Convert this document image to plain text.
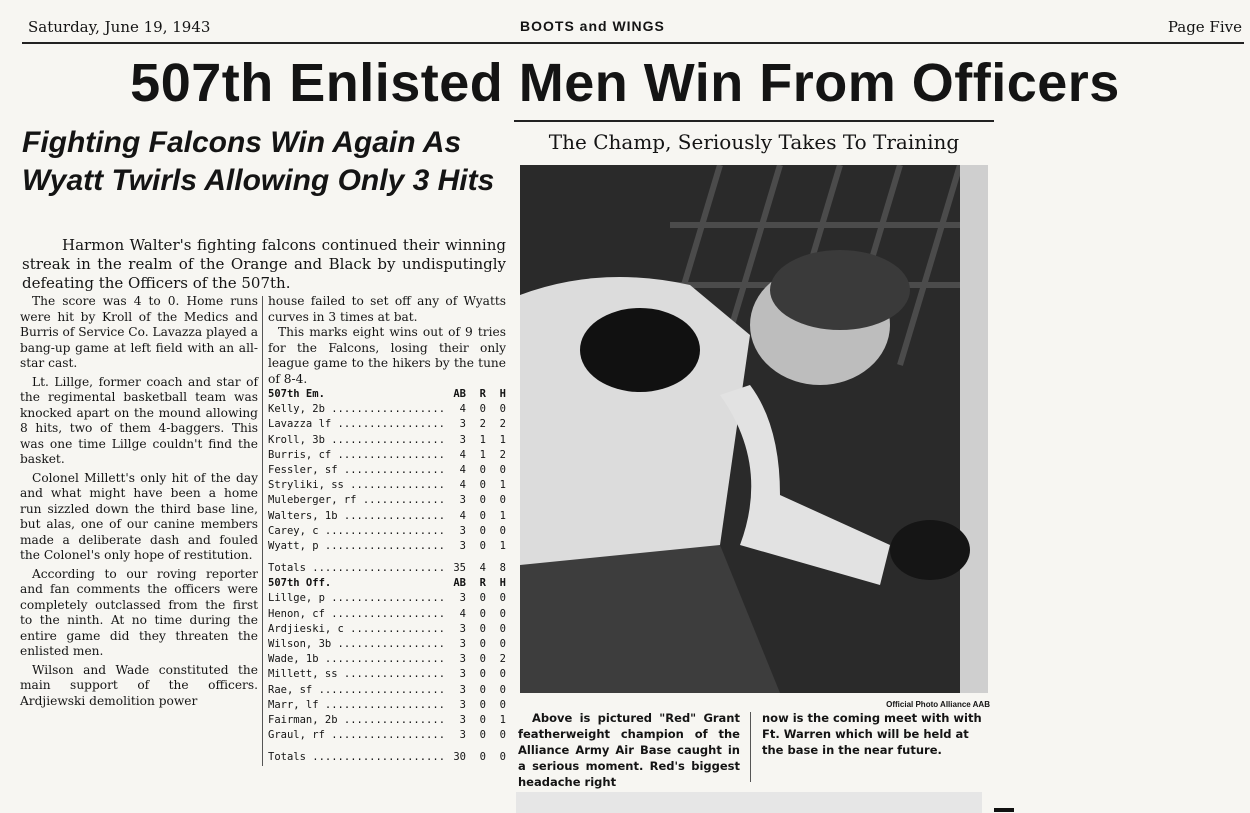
Saturday, June 19, 1943	BOOTS and WINGS	Page Five
507th Enlisted Men Win From Officers
Fighting Falcons Win Again As Wyatt Twirls Allowing Only 3 Hits
Harmon Walter's fighting falcons continued their winning streak in the realm of the Orange and Black by undisputingly defeating the Officers of the 507th.

The score was 4 to 0. Home runs were hit by Kroll of the Medics and Burris of Service Co. Lavazza played a bang-up game at left field with an all-star cast.

Lt. Lillge, former coach and star of the regimental basketball team was knocked apart on the mound allowing 8 hits, two of them 4-baggers. This was one time Lillge couldn't find the basket.

Colonel Millett's only hit of the day and what might have been a home run sizzled down the third base line, but alas, one of our canine members made a deliberate dash and fouled the Colonel's only hope of restitution.

According to our roving reporter and fan comments the officers were completely outclassed from the first to the ninth. At no time during the entire game did they threaten the enlisted men.

Wilson and Wade constituted the main support of the officers. Ardjiewski demolition power

house failed to set off any of Wyatts curves in 3 times at bat.

This marks eight wins out of 9 tries for the Falcons, losing their only league game to the hikers by the tune of 8-4.

507th Em.	AB	R	H
Kelly, 2b .....	4	0	0
Lavazza lf .....	3	2	2
Kroll, 3b .....	3	1	1
Burris, cf .....	4	1	2
Fessler, sf .....	4	0	0
Stryliki, ss .....	4	0	1
Muleberger, rf .....	3	0	0
Walters, 1b .....	4	0	1
Carey, c .....	3	0	0
Wyatt, p .....	3	0	1
Totals .....	35	4	8
507th Off.	AB	R	H
Lillge, p .....	3	0	0
Henon, cf .....	4	0	0
Ardjieski, c .....	3	0	0
Wilson, 3b .....	3	0	0
Wade, 1b .....	3	0	2
Millett, ss .....	3	0	0
Rae, sf .....	3	0	0
Marr, lf .....	3	0	0
Fairman, 2b .....	3	0	1
Graul, rf .....	3	0	0
Totals .....	30	0	0
The Champ, Seriously Takes To Training
Official Photo Alliance AAB
Above is pictured "Red" Grant featherweight champion of the Alliance Army Air Base caught in a serious moment. Red's biggest headache right
now is the coming meet with with Ft. Warren which will be held at the base in the near future.
